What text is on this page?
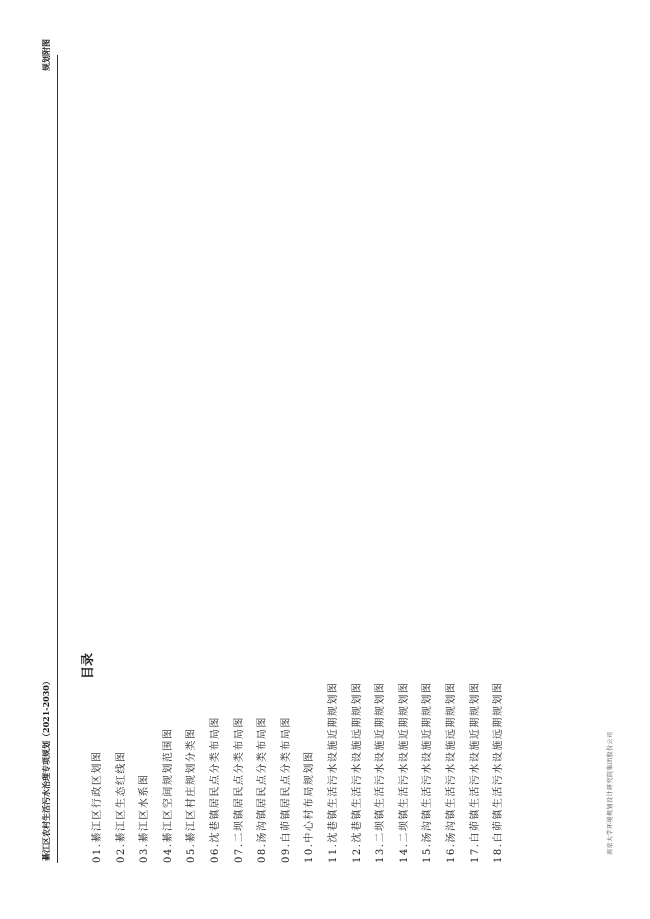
綦江区农村生活污水治理专项规划（2021-2030）
规划附图
目录
01.綦江区行政区划图	02.綦江区生态红线图	03.綦江区水系图	04.綦江区空间规划范围图	05.綦江区村庄规划分类图	06.沈巷镇居民点分类布局图	07.二坝镇居民点分类布局图	08.汤沟镇居民点分类布局图	09.白茆镇居民点分类布局图	10.中心村布局规划图	11.沈巷镇生活污水设施近期规划图	12.沈巷镇生活污水设施远期规划图	13.二坝镇生活污水设施近期规划图	14.二坝镇生活污水设施近期规划图	15.汤沟镇生活污水设施近期规划图	16.汤沟镇生活污水设施远期规划图	17.白茆镇生活污水设施近期规划图	18.白茆镇生活污水设施远期规划图	南京大学环境规划设计研究院集团股份公司
